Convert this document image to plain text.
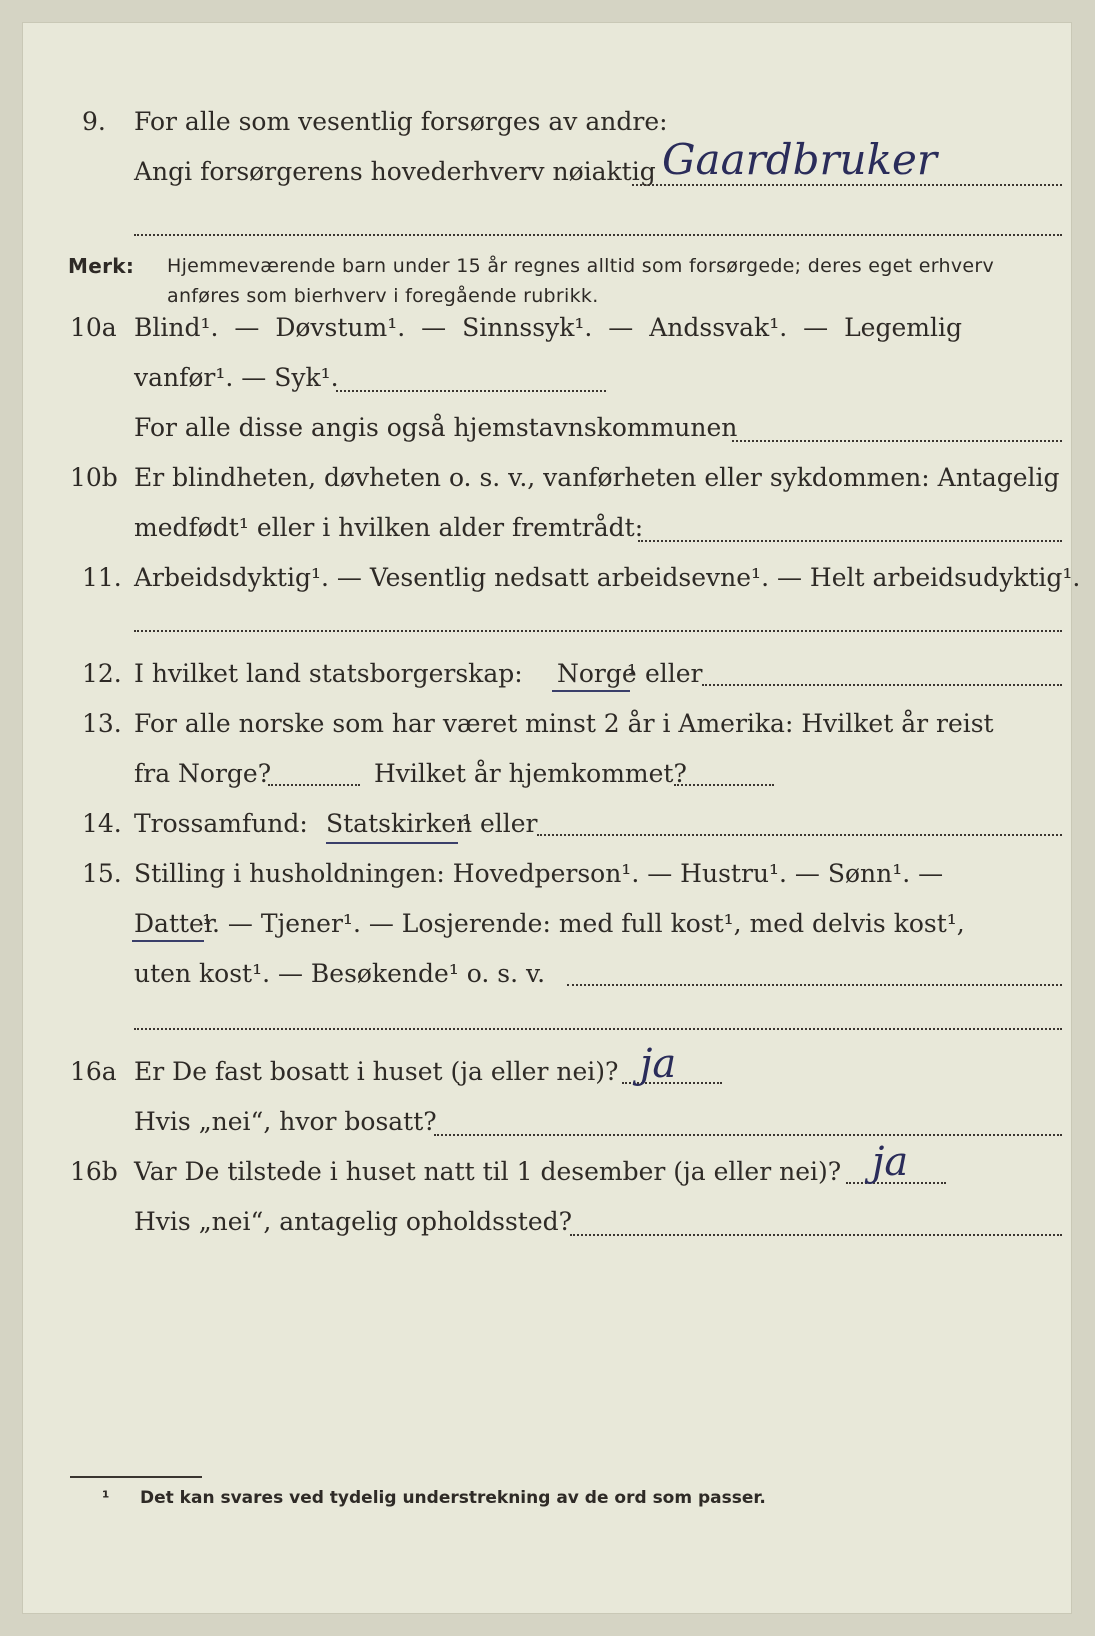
9. For alle som vesentlig forsørges av andre:
Angi forsørgerens hovederhverv nøiaktig Gaardbruker
Merk: Hjemmeværende barn under 15 år regnes alltid som forsørgede; deres eget erhverv
anføres som bierhverv i foregående rubrikk.
10a Blind¹. — Døvstum¹. — Sinnssyk¹. — Andssvak¹. — Legemlig
vanfør¹. — Syk¹.
For alle disse angis også hjemstavnskommunen
10b Er blindheten, døvheten o. s. v., vanførheten eller sykdommen: Antagelig
medfødt¹ eller i hvilken alder fremtrådt:
11. Arbeidsdyktig¹. — Vesentlig nedsatt arbeidsevne¹. — Helt arbeidsudyktig¹.
12. I hvilket land statsborgerskap: Norge
¹ eller
13. For alle norske som har været minst 2 år i Amerika: Hvilket år reist
fra Norge?	Hvilket år hjemkommet?
14. Trossamfund: Statskirken
¹ eller
15. Stilling i husholdningen: Hovedperson¹. — Hustru¹. — Sønn¹. —
Datter
¹. — Tjener¹. — Losjerende: med full kost¹, med delvis kost¹,
uten kost¹. — Besøkende¹ o. s. v.
16a Er De fast bosatt i huset (ja eller nei)? ja
Hvis „nei“, hvor bosatt?
16b Var De tilstede i huset natt til 1 desember (ja eller nei)? ja
Hvis „nei“, antagelig opholdssted?
¹ Det kan svares ved tydelig understrekning av de ord som passer.
